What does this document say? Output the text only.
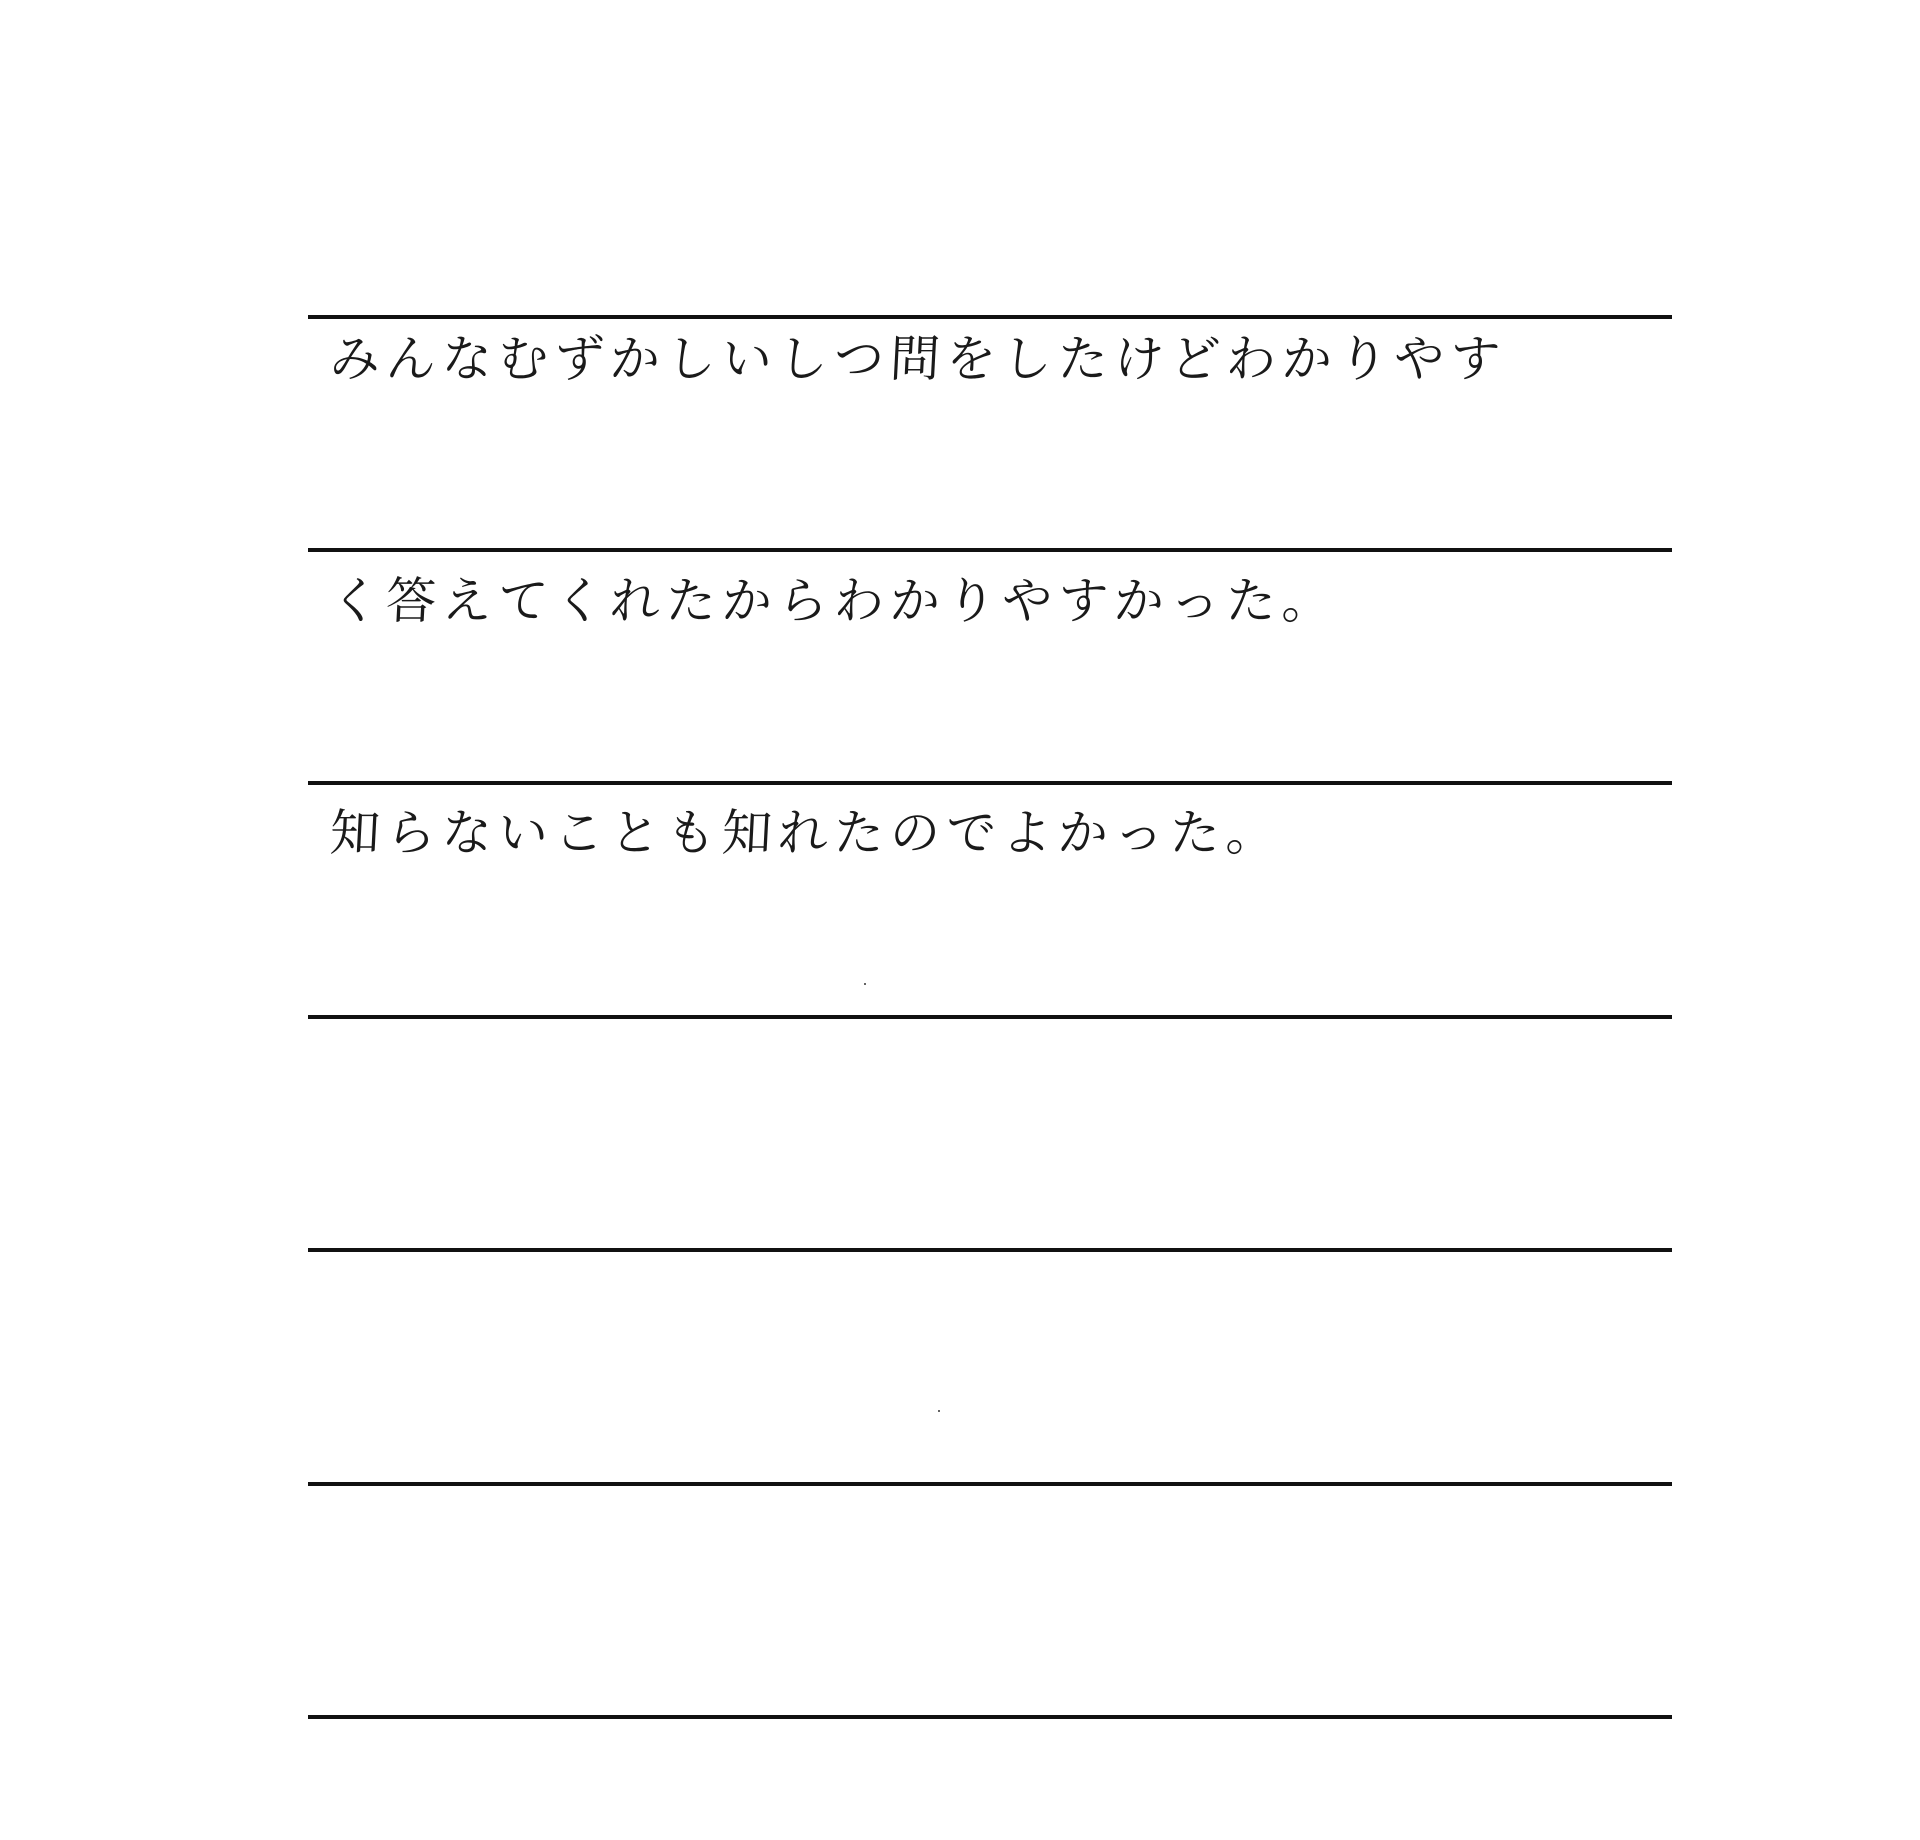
みんなむずかしいしつ問をしたけどわかりやす
く答えてくれたからわかりやすかった。
知らないことも知れたのでよかった。
